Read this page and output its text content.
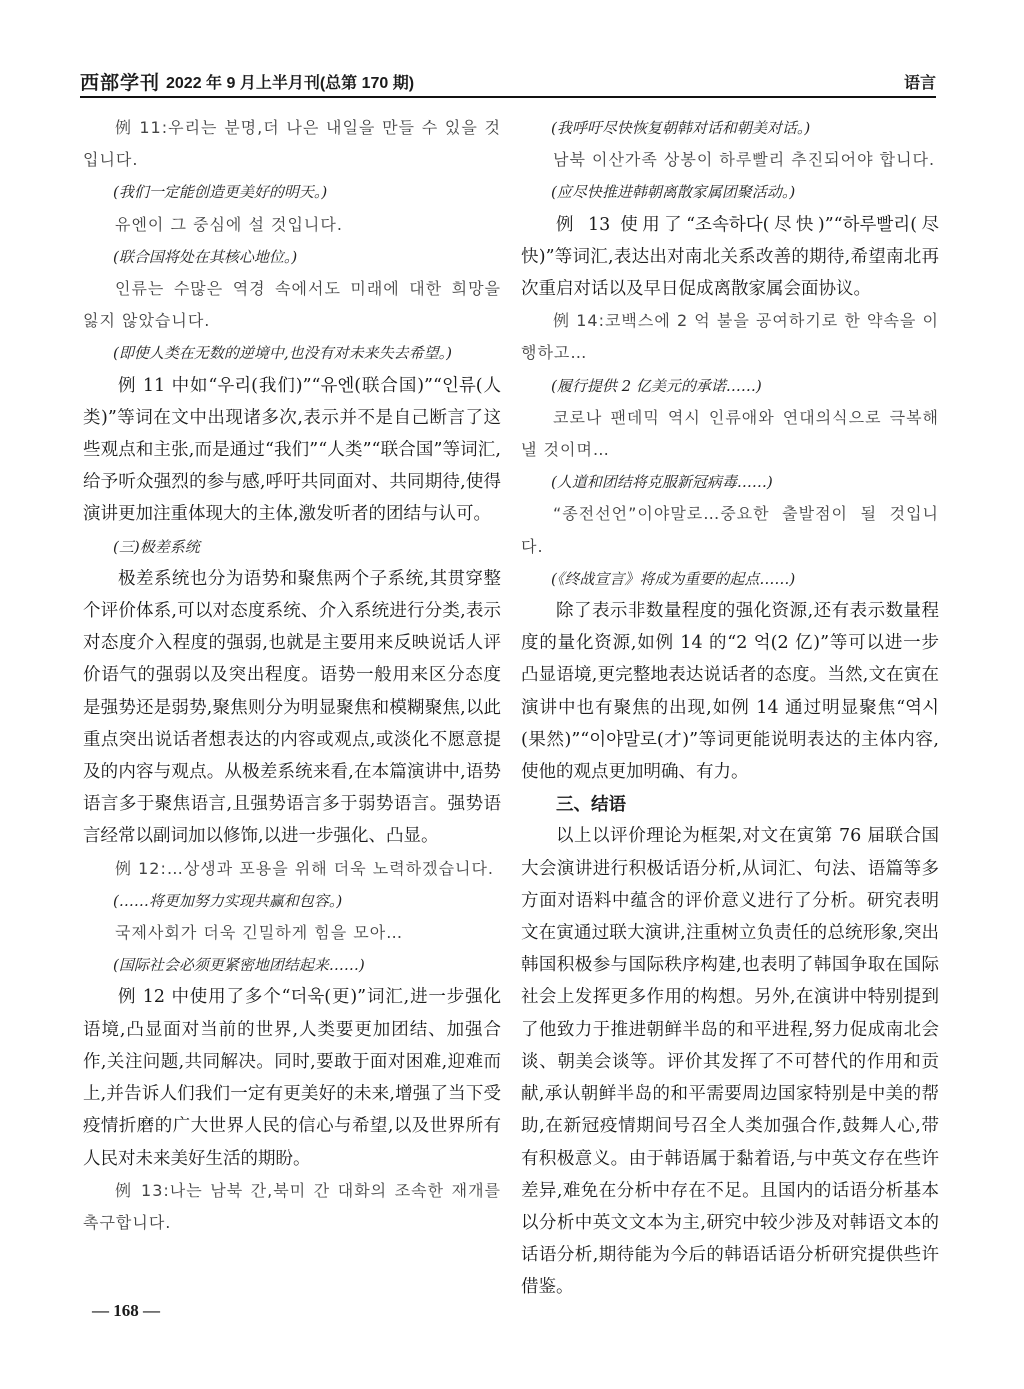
西部学刊 2022 年 9 月上半月刊(总第 170 期)	语言

例 11:우리는 분명,더 나은 내일을 만들 수 있을 것입니다.

(我们一定能创造更美好的明天。)

유엔이 그 중심에 설 것입니다.

(联合国将处在其核心地位。)

인류는 수많은 역경 속에서도 미래에 대한 희망을 잃지 않았습니다.

(即使人类在无数的逆境中,也没有对未来失去希望。)

例 11 中如“우리(我们)”“유엔(联合国)”“인류(人类)”等词在文中出现诸多次,表示并不是自己断言了这些观点和主张,而是通过“我们”“人类”“联合国”等词汇,给予听众强烈的参与感,呼吁共同面对、共同期待,使得演讲更加注重体现大的主体,激发听者的团结与认可。

(三)极差系统

极差系统也分为语势和聚焦两个子系统,其贯穿整个评价体系,可以对态度系统、介入系统进行分类,表示对态度介入程度的强弱,也就是主要用来反映说话人评价语气的强弱以及突出程度。语势一般用来区分态度是强势还是弱势,聚焦则分为明显聚焦和模糊聚焦,以此重点突出说话者想表达的内容或观点,或淡化不愿意提及的内容与观点。从极差系统来看,在本篇演讲中,语势语言多于聚焦语言,且强势语言多于弱势语言。强势语言经常以副词加以修饰,以进一步强化、凸显。

例 12:…상생과 포용을 위해 더욱 노력하겠습니다.

(……将更加努力实现共赢和包容。)

국제사회가 더욱 긴밀하게 힘을 모아…

(国际社会必须更紧密地团结起来……)

例 12 中使用了多个“더욱(更)”词汇,进一步强化语境,凸显面对当前的世界,人类要更加团结、加强合作,关注问题,共同解决。同时,要敢于面对困难,迎难而上,并告诉人们我们一定有更美好的未来,增强了当下受疫情折磨的广大世界人民的信心与希望,以及世界所有人民对未来美好生活的期盼。

例 13:나는 남북 간,북미 간 대화의 조속한 재개를 촉구합니다.

(我呼吁尽快恢复朝韩对话和朝美对话。)

남북 이산가족 상봉이 하루빨리 추진되어야 합니다.

(应尽快推进韩朝离散家属团聚活动。)

例 13 使用了“조속하다(尽快)”“하루빨리(尽快)”等词汇,表达出对南北关系改善的期待,希望南北再次重启对话以及早日促成离散家属会面协议。

例 14:코백스에 2 억 불을 공여하기로 한 약속을 이행하고…

(履行提供 2 亿美元的承诺……)

코로나 팬데믹 역시 인류애와 연대의식으로 극복해낼 것이며…

(人道和团结将克服新冠病毒……)

“종전선언”이야말로…중요한 출발점이 될 것입니다.

(《终战宣言》将成为重要的起点……)

除了表示非数量程度的强化资源,还有表示数量程度的量化资源,如例 14 的“2 억(2 亿)”等可以进一步凸显语境,更完整地表达说话者的态度。当然,文在寅在演讲中也有聚焦的出现,如例 14 通过明显聚焦“역시(果然)”“이야말로(才)”等词更能说明表达的主体内容,使他的观点更加明确、有力。

三、结语

以上以评价理论为框架,对文在寅第 76 届联合国大会演讲进行积极话语分析,从词汇、句法、语篇等多方面对语料中蕴含的评价意义进行了分析。研究表明文在寅通过联大演讲,注重树立负责任的总统形象,突出韩国积极参与国际秩序构建,也表明了韩国争取在国际社会上发挥更多作用的构想。另外,在演讲中特别提到了他致力于推进朝鲜半岛的和平进程,努力促成南北会谈、朝美会谈等。评价其发挥了不可替代的作用和贡献,承认朝鲜半岛的和平需要周边国家特别是中美的帮助,在新冠疫情期间号召全人类加强合作,鼓舞人心,带有积极意义。由于韩语属于黏着语,与中英文存在些许差异,难免在分析中存在不足。且国内的话语分析基本以分析中英文文本为主,研究中较少涉及对韩语文本的话语分析,期待能为今后的韩语话语分析研究提供些许借鉴。

— 168 —
